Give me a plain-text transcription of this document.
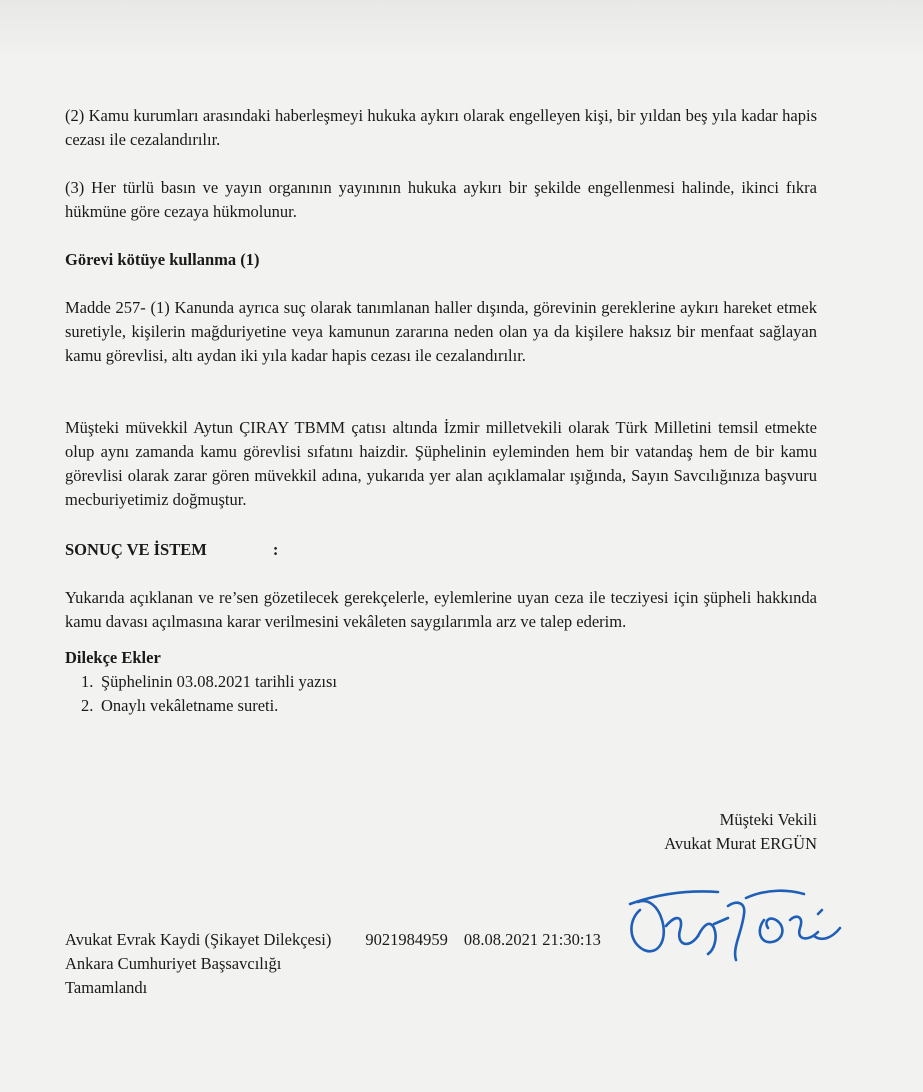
(2) Kamu kurumları arasındaki haberleşmeyi hukuka aykırı olarak engelleyen kişi, bir yıldan beş yıla kadar hapis cezası ile cezalandırılır.

(3) Her türlü basın ve yayın organının yayınının hukuka aykırı bir şekilde engellenmesi halinde, ikinci fıkra hükmüne göre cezaya hükmolunur.

Görevi kötüye kullanma (1)

Madde 257- (1) Kanunda ayrıca suç olarak tanımlanan haller dışında, görevinin gereklerine aykırı hareket etmek suretiyle, kişilerin mağduriyetine veya kamunun zararına neden olan ya da kişilere haksız bir menfaat sağlayan kamu görevlisi, altı aydan iki yıla kadar hapis cezası ile cezalandırılır.

Müşteki müvekkil Aytun ÇIRAY TBMM çatısı altında İzmir milletvekili olarak Türk Milletini temsil etmekte olup aynı zamanda kamu görevlisi sıfatını haizdir. Şüphelinin eyleminden hem bir vatandaş hem de bir kamu görevlisi olarak zarar gören müvekkil adına, yukarıda yer alan açıklamalar ışığında, Sayın Savcılığınıza başvuru mecburiyetimiz doğmuştur.

SONUÇ VE İSTEM	:

Yukarıda açıklanan ve re’sen gözetilecek gerekçelerle, eylemlerine uyan ceza ile tecziyesi için şüpheli hakkında kamu davası açılmasına karar verilmesini vekâleten saygılarımla arz ve talep ederim.

Dilekçe Ekler
1. Şüphelinin 03.08.2021 tarihli yazısı
2. Onaylı vekâletname sureti.
Müşteki Vekili
Avukat Murat ERGÜN
Avukat Evrak Kaydi (Şikayet Dilekçesi) 9021984959 08.08.2021 21:30:13
Ankara Cumhuriyet Başsavcılığı
Tamamlandı
